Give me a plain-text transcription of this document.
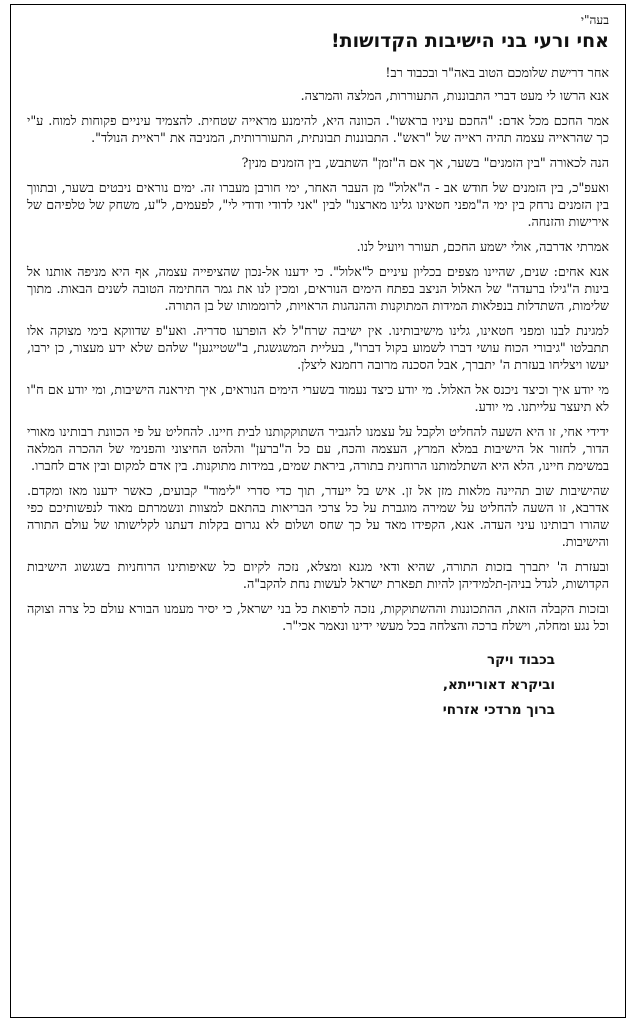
בעה"י
אחי ורעי בני הישיבות הקדושות!

אחר דרישת שלומכם הטוב באה"ר ובכבוד רב!

אנא הרשו לי מעט דברי התבוננות, התעוררות, המלצה והמרצה.

אמר החכם מכל אדם: "החכם עיניו בראשו". הכוונה היא, להימנע מראייה שטחית. להצמיד עיניים פקוחות למוח. ע"י כך שהראייה עצמה תהיה ראייה של "ראש". התבוננות תבונתית, התעוררותית, המניבה את "ראיית הנולד".

הנה לכאורה "בין הזמנים" בשער, אך אם ה"זמן" השתבש, בין הזמנים מנין?

ואעפ"כ, בין הזמנים של חודש אב - ה"אלול" מן העבר האחר, ימי חורבן מעברו זה. ימים נוראים ניבטים בשער, ובתווך בין הזמנים נרחק בין ימי ה"מפני חטאינו גלינו מארצנו" לבין "אני לדודי ודודי לי", לפעמים, ל"ע, משחק של טלפיהם של אירישות והזנחה.

אמרתי אדרבה, אולי ישמע החכם, תעורר ויועיל לנו.

אנא אחים: שנים, שהיינו מצפים בכליון עיניים ל"אלול". כי ידענו אל-נכון שהציפייה עצמה, אף היא מניפה אותנו אל בינות ה"גילו ברעדה" של האלול הניצב בפתח הימים הנוראים, ומכין לנו את גמר החתימה הטובה לשנים הבאות. מתוך שלימות, השתדלות בנפלאות המידות המתוקנות וההנהגות הראויות, לרוממותו של בן התורה.

למגינת לבנו ומפני חטאינו, גלינו מישיבותינו. אין ישיבה שרח"ל לא הופרעו סדריה. ואע"פ שדווקא בימי מצוקה אלו תתבלטו "גיבורי הכוח עושי דברו לשמוע בקול דברו", בעליית המשגשגת, ב"שטייגען" שלהם שלא ידע מעצור, כן ירבו, יעשו ויצליחו בעזרת ה' יתברך, אבל הסכנה מרובה רחמנא ליצלן.

מי יודע איך וכיצד ניכנס אל האלול. מי יודע כיצד נעמוד בשערי הימים הנוראים, איך תיראנה הישיבות, ומי יודע אם ח"ו לא תיעצר עלייתנו. מי יודע.

ידידי אחי, זו היא השעה להחליט ולקבל על עצמנו להגביר השתוקקותנו לבית חיינו. להחליט על פי הכוונת רבותינו מאורי הדור, לחזור אל הישיבות במלא המרץ, העצמה והכח, עם כל ה"ברען" והלהט החיצוני והפנימי של ההכרה המלאה במשימת חיינו, הלא היא השתלמותנו הרוחנית בתורה, ביראת שמים, במידות מתוקנות. בין אדם למקום ובין אדם לחברו.

שהישיבות שוב תהיינה מלאות מזן אל זן. איש בל ייעדר, תוך כדי סדרי "לימוד" קבועים, כאשר ידענו מאז ומקדם. אדרבא, זו השעה להחליט על שמירה מוגברת על כל צרכי הבריאות בהתאם למצוות ונשמרתם מאוד לנפשותיכם כפי שהורו רבותינו עיני העדה. אנא, הקפידו מאד על כך שחס ושלום לא נגרום בקלות דעתנו לקלישותו של עולם התורה והישיבות.

ובעזרת ה' יתברך בזכות התורה, שהיא ודאי מגנא ומצלא, נזכה לקיום כל שאיפותינו הרוחניות בשגשוג הישיבות הקדושות, לגדל בניהן-תלמידיהן להיות תפארת ישראל לעשות נחת להקב"ה.

ובזכות הקבלה הזאת, ההתכוננות וההשתוקקות, נזכה לרפואת כל בני ישראל, כי יסיר מעמנו הבורא עולם כל צרה וצוקה וכל נגע ומחלה, וישלח ברכה והצלחה בכל מעשי ידינו ונאמר אכי"ר.

בכבוד ויקר
וביקרא דאורייתא,
ברוך מרדכי אזרחי
